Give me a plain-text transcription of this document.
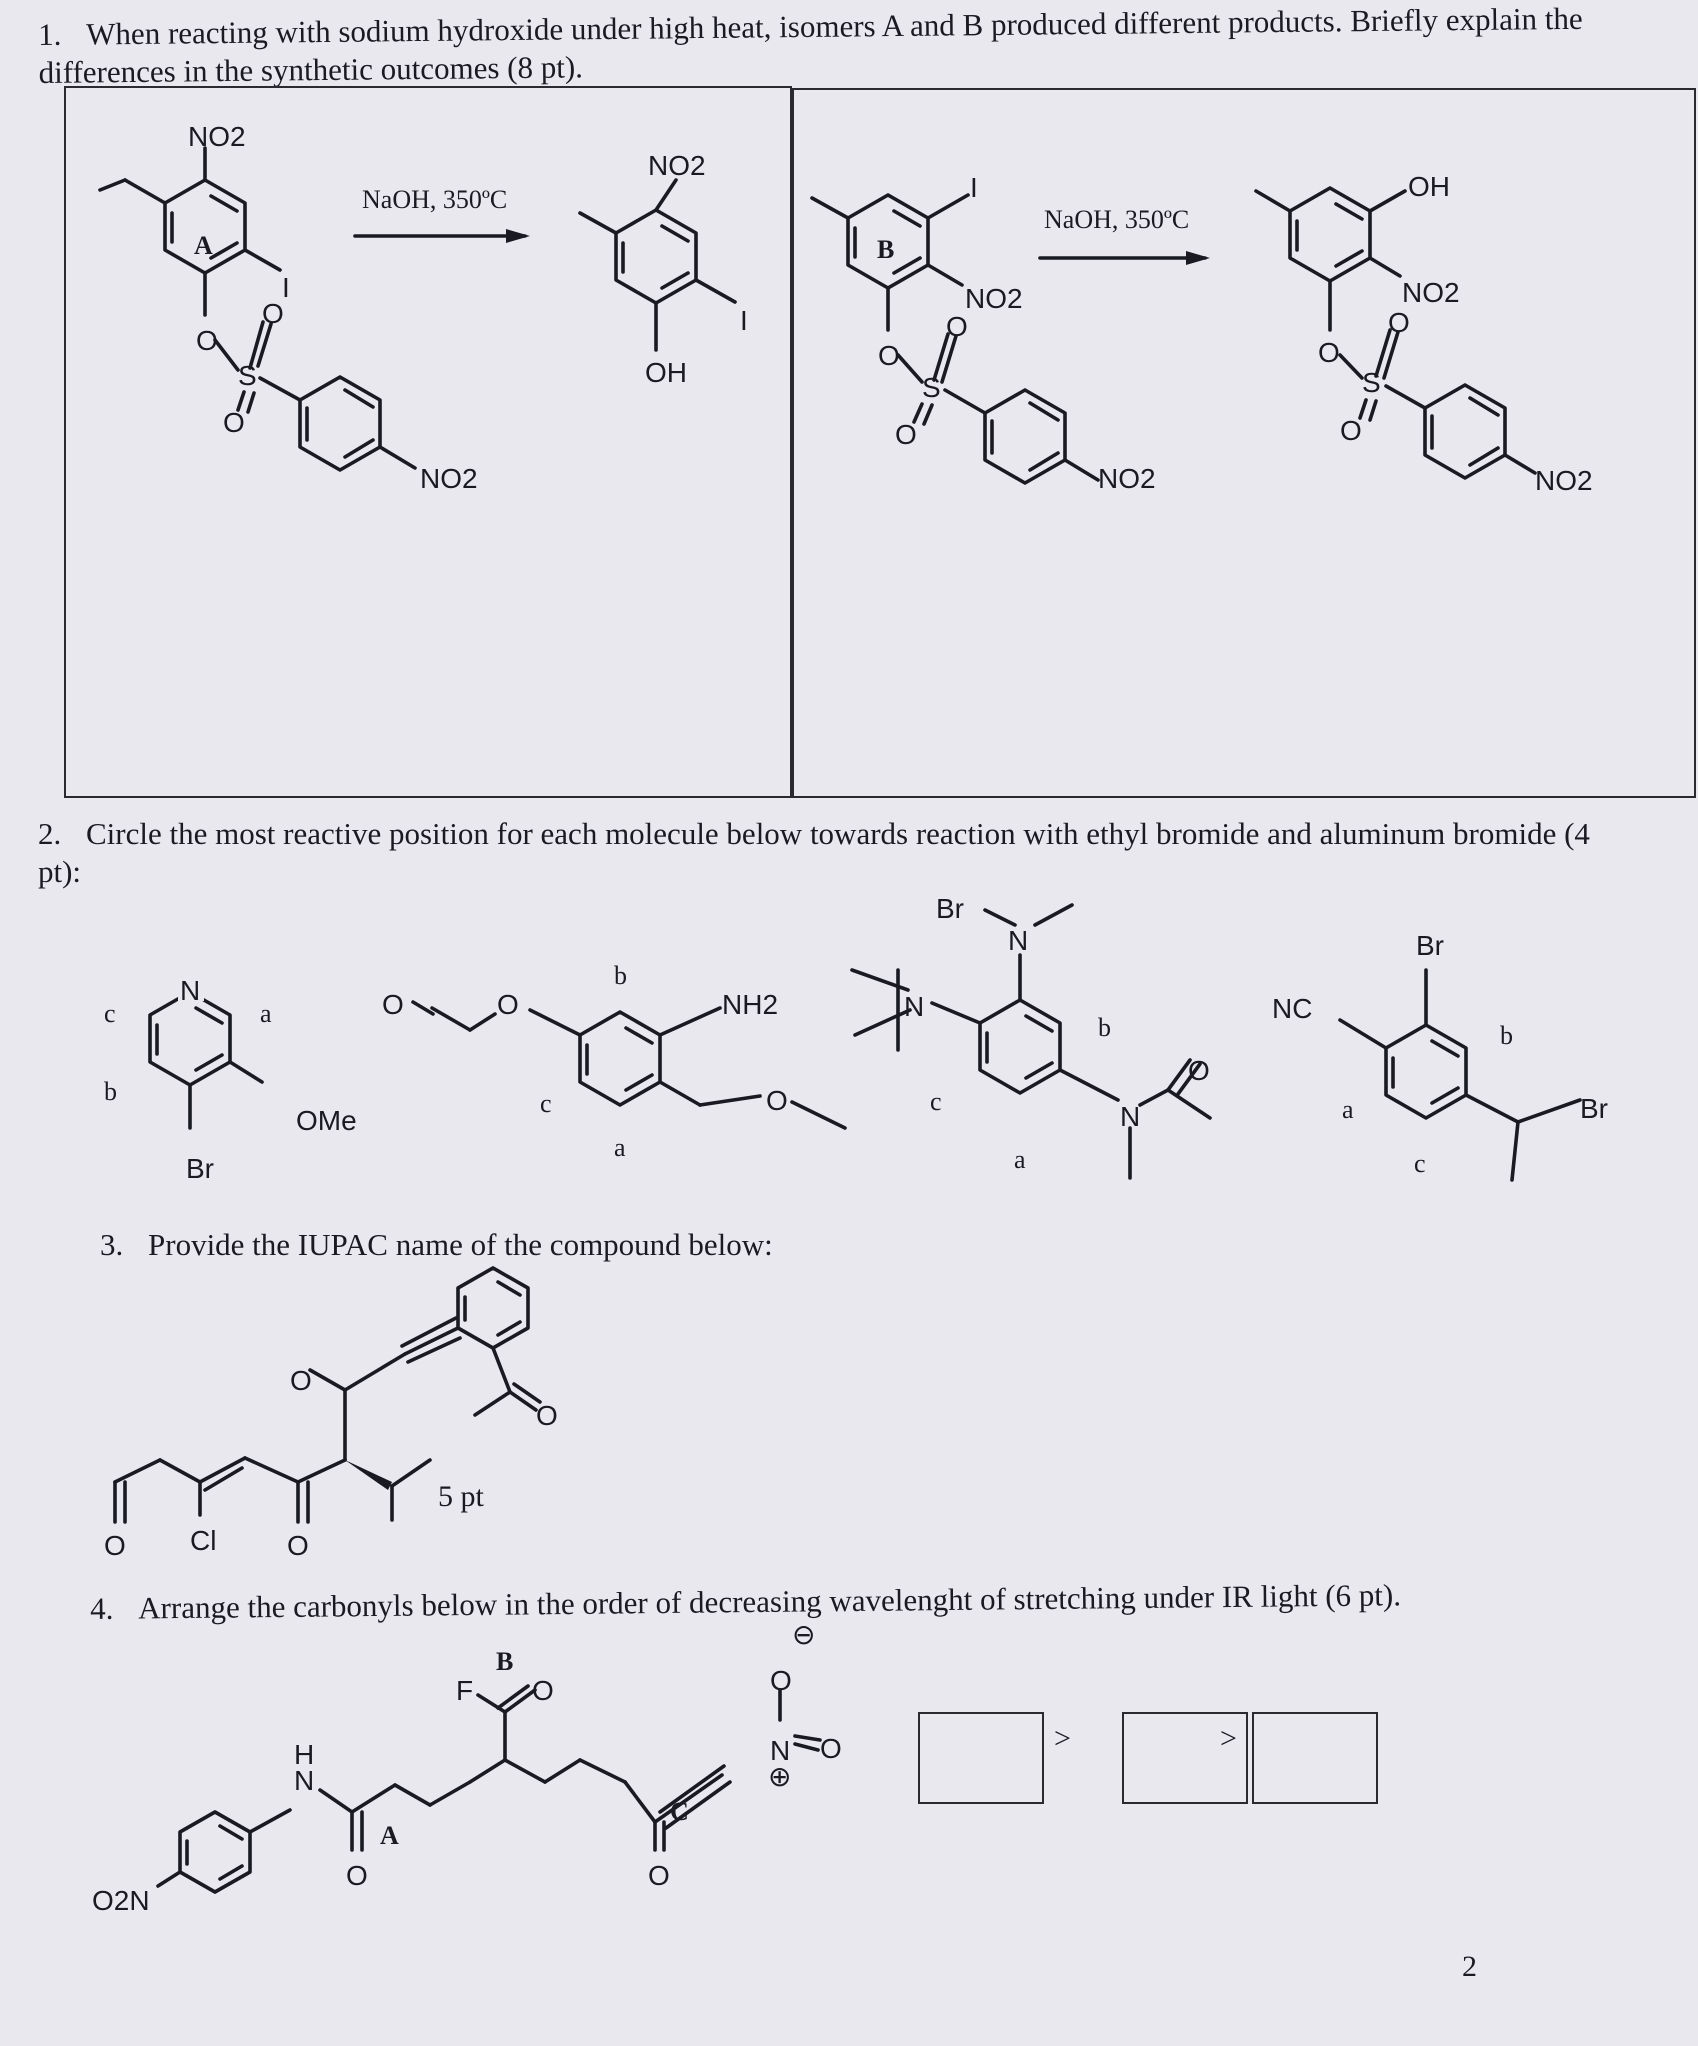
1. When reacting with sodium hydroxide under high heat, isomers A and B produced different products. Briefly explain the differences in the synthetic outcomes (8 pt).
2. Circle the most reactive position for each molecule below towards reaction with ethyl bromide and aluminum bromide (4 pt):
3. Provide the IUPAC name of the compound below:
4. Arrange the carbonyls below in the order of decreasing wavelenght of stretching under IR light (6 pt).
NO2
A
I
O
S
O
O
NO2
NaOH, 350ºC
NO2
I
OH
B
I
NO2
O
S
O
O
NO2
NaOH, 350ºC
OH
NO2
O
S
O
O
NO2
N
OMe
Br
c	a
b
O	O	NH2
O
b
c
a
Br
N
N
N
O
b
c
a
Br
NC
Br
b
a
c
O
O
O	O
Cl
N
H
O2N
O
F O
O
N
O
O
⊖
⊕
A
B
C
5 pt
>	>
2
